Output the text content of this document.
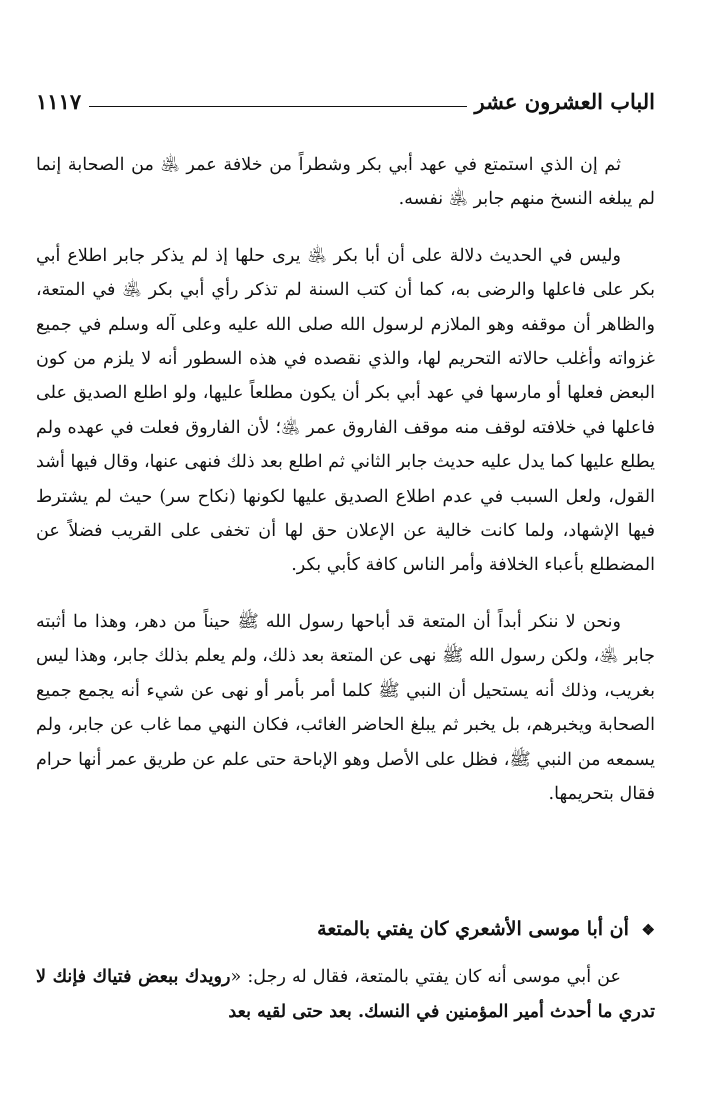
الباب العشرون عشر
١١١٧

ثم إن الذي استمتع في عهد أبي بكر وشطراً من خلافة عمر ﵁ من الصحابة إنما لم يبلغه النسخ منهم جابر ﵁ نفسه.

وليس في الحديث دلالة على أن أبا بكر ﵁ يرى حلها إذ لم يذكر جابر اطلاع أبي بكر على فاعلها والرضى به، كما أن كتب السنة لم تذكر رأي أبي بكر ﵁ في المتعة، والظاهر أن موقفه وهو الملازم لرسول الله صلى الله عليه وعلى آله وسلم في جميع غزواته وأغلب حالاته التحريم لها، والذي نقصده في هذه السطور أنه لا يلزم من كون البعض فعلها أو مارسها في عهد أبي بكر أن يكون مطلعاً عليها، ولو اطلع الصديق على فاعلها في خلافته لوقف منه موقف الفاروق عمر ﵁؛ لأن الفاروق فعلت في عهده ولم يطلع عليها كما يدل عليه حديث جابر الثاني ثم اطلع بعد ذلك فنهى عنها، وقال فيها أشد القول، ولعل السبب في عدم اطلاع الصديق عليها لكونها (نكاح سر) حيث لم يشترط فيها الإشهاد، ولما كانت خالية عن الإعلان حق لها أن تخفى على القريب فضلاً عن المضطلع بأعباء الخلافة وأمر الناس كافة كأبي بكر.

ونحن لا ننكر أبداً أن المتعة قد أباحها رسول الله ﷺ حيناً من دهر، وهذا ما أثبته جابر ﵁، ولكن رسول الله ﷺ نهى عن المتعة بعد ذلك، ولم يعلم بذلك جابر، وهذا ليس بغريب، وذلك أنه يستحيل أن النبي ﷺ كلما أمر بأمر أو نهى عن شيء أنه يجمع جميع الصحابة ويخبرهم، بل يخبر ثم يبلغ الحاضر الغائب، فكان النهي مما غاب عن جابر، ولم يسمعه من النبي ﷺ، فظل على الأصل وهو الإباحة حتى علم عن طريق عمر أنها حرام فقال بتحريمها.

❖ أن أبا موسى الأشعري كان يفتي بالمتعة

عن أبي موسى أنه كان يفتي بالمتعة، فقال له رجل: «رويدك ببعض فتياك فإنك لا تدري ما أحدث أمير المؤمنين في النسك. بعد حتى لقيه بعد
